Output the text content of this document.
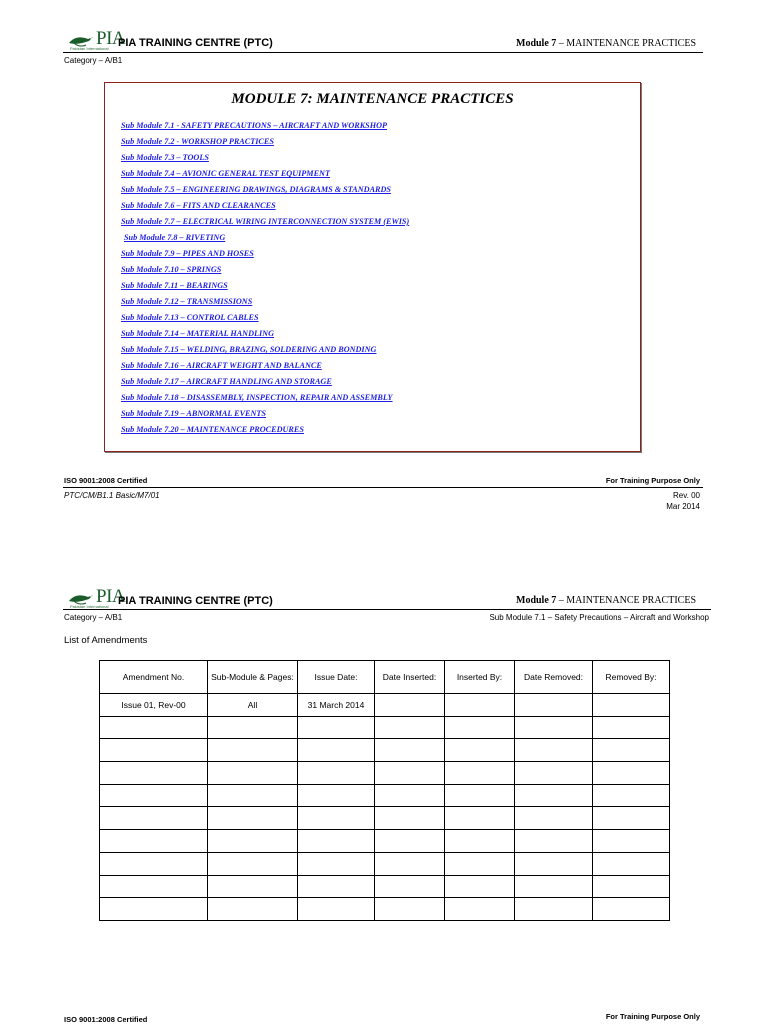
PIA
Pakistan International PIA TRAINING CENTRE (PTC)	Module 7 – MAINTENANCE PRACTICES
Category – A/B1
MODULE 7: MAINTENANCE PRACTICES
Sub Module 7.1 - SAFETY PRECAUTIONS – AIRCRAFT AND WORKSHOP
Sub Module 7.2 - WORKSHOP PRACTICES
Sub Module 7.3 – TOOLS
Sub Module 7.4 – AVIONIC GENERAL TEST EQUIPMENT
Sub Module 7.5 – ENGINEERING DRAWINGS, DIAGRAMS & STANDARDS
Sub Module 7.6 – FITS AND CLEARANCES
Sub Module 7.7 – ELECTRICAL WIRING INTERCONNECTION SYSTEM (EWIS)
Sub Module 7.8 – RIVETING
Sub Module 7.9 – PIPES AND HOSES
Sub Module 7.10 – SPRINGS
Sub Module 7.11 – BEARINGS
Sub Module 7.12 – TRANSMISSIONS
Sub Module 7.13 – CONTROL CABLES
Sub Module 7.14 – MATERIAL HANDLING
Sub Module 7.15 – WELDING, BRAZING, SOLDERING AND BONDING
Sub Module 7.16 – AIRCRAFT WEIGHT AND BALANCE
Sub Module 7.17 – AIRCRAFT HANDLING AND STORAGE
Sub Module 7.18 – DISASSEMBLY, INSPECTION, REPAIR AND ASSEMBLY
Sub Module 7.19 – ABNORMAL EVENTS
Sub Module 7.20 – MAINTENANCE PROCEDURES
ISO 9001:2008 Certified	For Training Purpose Only
PTC/CM/B1.1 Basic/M7/01	Rev. 00
Mar 2014
PIA
Pakistan International PIA TRAINING CENTRE (PTC)	Module 7 – MAINTENANCE PRACTICES
Category – A/B1	Sub Module 7.1 – Safety Precautions – Aircraft and Workshop
List of Amendments
Amendment No.	Sub-Module & Pages:	Issue Date:	Date Inserted:	Inserted By:	Date Removed:	Removed By:
Issue 01, Rev-00	All	31 March 2014				

ISO 9001:2008 Certified	For Training Purpose Only
